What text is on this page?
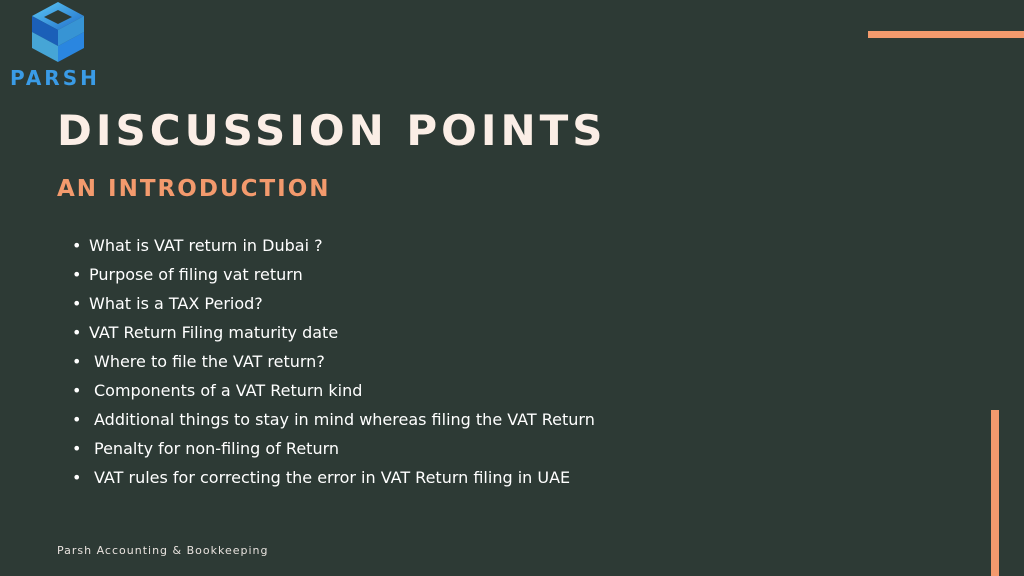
PARSH
DISCUSSION POINTS
AN INTRODUCTION
• What is VAT return in Dubai ?
• Purpose of filing vat return
• What is a TAX Period?
• VAT Return Filing maturity date
• Where to file the VAT return?
• Components of a VAT Return kind
• Additional things to stay in mind whereas filing the VAT Return
• Penalty for non-filing of Return
• VAT rules for correcting the error in VAT Return filing in UAE
Parsh Accounting & Bookkeeping
